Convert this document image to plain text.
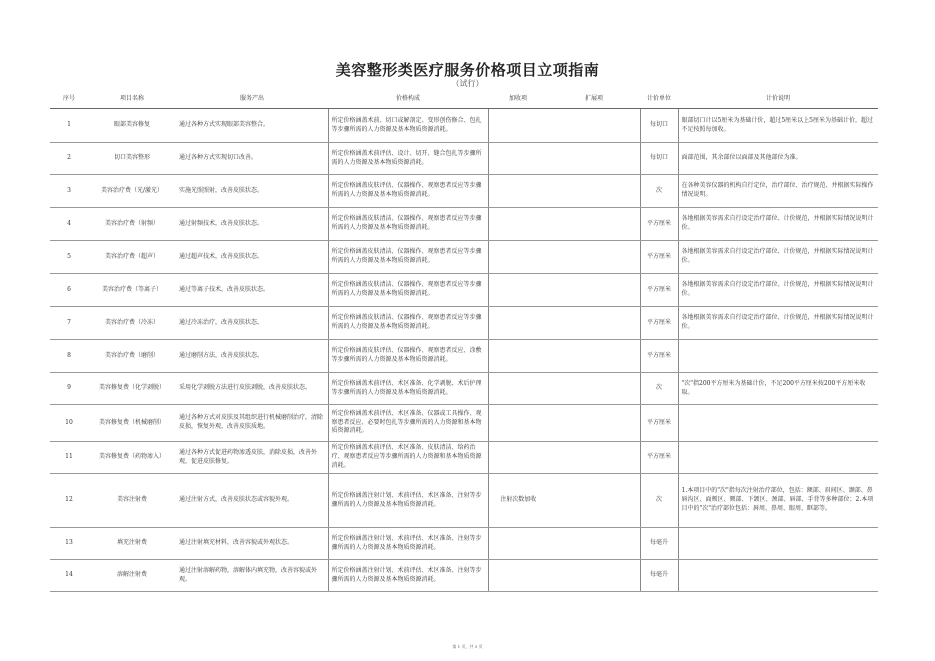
美容整形类医疗服务价格项目立项指南
（试行）
序号	项目名称	服务产出	价格构成	加收项	扩展项	计价单位	计价说明
1	眼部美容修复	通过各种方式实现眼部美容整合。	所定价格涵盖术前、切口或解剖定、变形创伤修合、包扎等步骤所需的人力资源及基本物质资源消耗。			每切口	眼部切口计以5厘米为基础计价，超过5厘米以上5厘米为基础计价，超过不足按照每加收。
2	切口美容整形	通过各种方式实现切口改善。	所定价格涵盖术前评估、设计、切开、缝合包扎等步骤所需的人力资源及基本物质资源消耗。			每切口	面部范围，其余部位以面部及其他部位为准。
3	美容治疗费（光/激光）	实施光照照射，改善皮肤状态。	所定价格涵盖皮肤评估、仪器操作、观察患者反应等步骤所需的人力资源及基本物质资源消耗。			次	在各种美容仪器的机构自行定位，治疗部位、治疗规范、并根据实际操作情况说明。
4	美容治疗费（射频）	通过射频技术，改善皮肤状态。	所定价格涵盖皮肤清洁、仪器操作、观察患者反应等步骤所需的人力资源及基本物质资源消耗。			平方厘米	各地根据美容需求自行设定治疗部位、计价规范，并根据实际情况说明计价。
5	美容治疗费（超声）	通过超声技术，改善皮肤状态。	所定价格涵盖皮肤清洁、仪器操作、观察患者反应等步骤所需的人力资源及基本物质资源消耗。			平方厘米	各地根据美容需求自行设定治疗部位、计价规范，并根据实际情况说明计价。
6	美容治疗费（等离子）	通过等离子技术，改善皮肤状态。	所定价格涵盖皮肤清洁、仪器操作、观察患者反应等步骤所需的人力资源及基本物质资源消耗。			平方厘米	各地根据美容需求自行设定治疗部位、计价规范，并根据实际情况说明计价。
7	美容治疗费（冷冻）	通过冷冻治疗，改善皮肤状态。	所定价格涵盖皮肤清洁、仪器操作、观察患者反应等步骤所需的人力资源及基本物质资源消耗。			平方厘米	各地根据美容需求自行设定治疗部位、计价规范，并根据实际情况说明计价。
8	美容治疗费（磨削）	通过磨削方法，改善皮肤状态。	所定价格涵盖皮肤评估、仪器操作、观察患者反应、涂敷等步骤所需的人力资源及基本物质资源消耗。			平方厘米	
9	美容修复费（化学剥脱）	采用化学剥脱方法进行皮肤剥脱，改善皮肤状态。	所定价格涵盖术前评估、术区准备、化学剥脱、术后护理等步骤所需的人力资源及基本物质资源消耗。			次	"次"指200平方厘米为基础计价，不足200平方厘米按200平方厘米收取。
10	美容修复费（机械磨削）	通过各种方式对皮肤及其组织进行机械磨削治疗，清除皮损，恢复外观，改善皮肤质地。	所定价格涵盖术前评估、术区准备、仪器或工具操作、观察患者反应、必要时包扎等步骤所需的人力资源和基本物质资源消耗。			平方厘米	
11	美容修复费（药物渗入）	通过各种方式促进药物渗透皮肤，消除皮损，改善外观，促进皮肤修复。	所定价格涵盖术前评估、术区准备、皮肤清洁、给药治疗、观察患者反应等步骤所需的人力资源和基本物质资源消耗。			平方厘米	
12	美容注射费	通过注射方式，改善皮肤状态或容貌外观。	所定价格涵盖注射计划、术前评估、术区准备、注射等步骤所需的人力资源及基本物质资源消耗。	注射次数加收		次	1.本项目中的"次"指每次注射治疗部位，包括：额部、眉间区、颞部、鼻唇沟区、面颊区、颏部、下颌区、颈部、唇部、手背等多种部位；2.本项目中的"次"治疗部位包括：唇周、鼻周、眼周、眶部等。
13	填充注射费	通过注射填充材料，改善容貌或外观状态。	所定价格涵盖注射计划、术前评估、术区准备、注射等步骤所需的人力资源及基本物质资源消耗。			每毫升	
14	溶解注射费	通过注射溶解药物，溶解体内填充物，改善容貌或外观。	所定价格涵盖注射计划、术前评估、术区准备、注射等步骤所需的人力资源及基本物质资源消耗。			每毫升	
第 1 页，共 3 页
